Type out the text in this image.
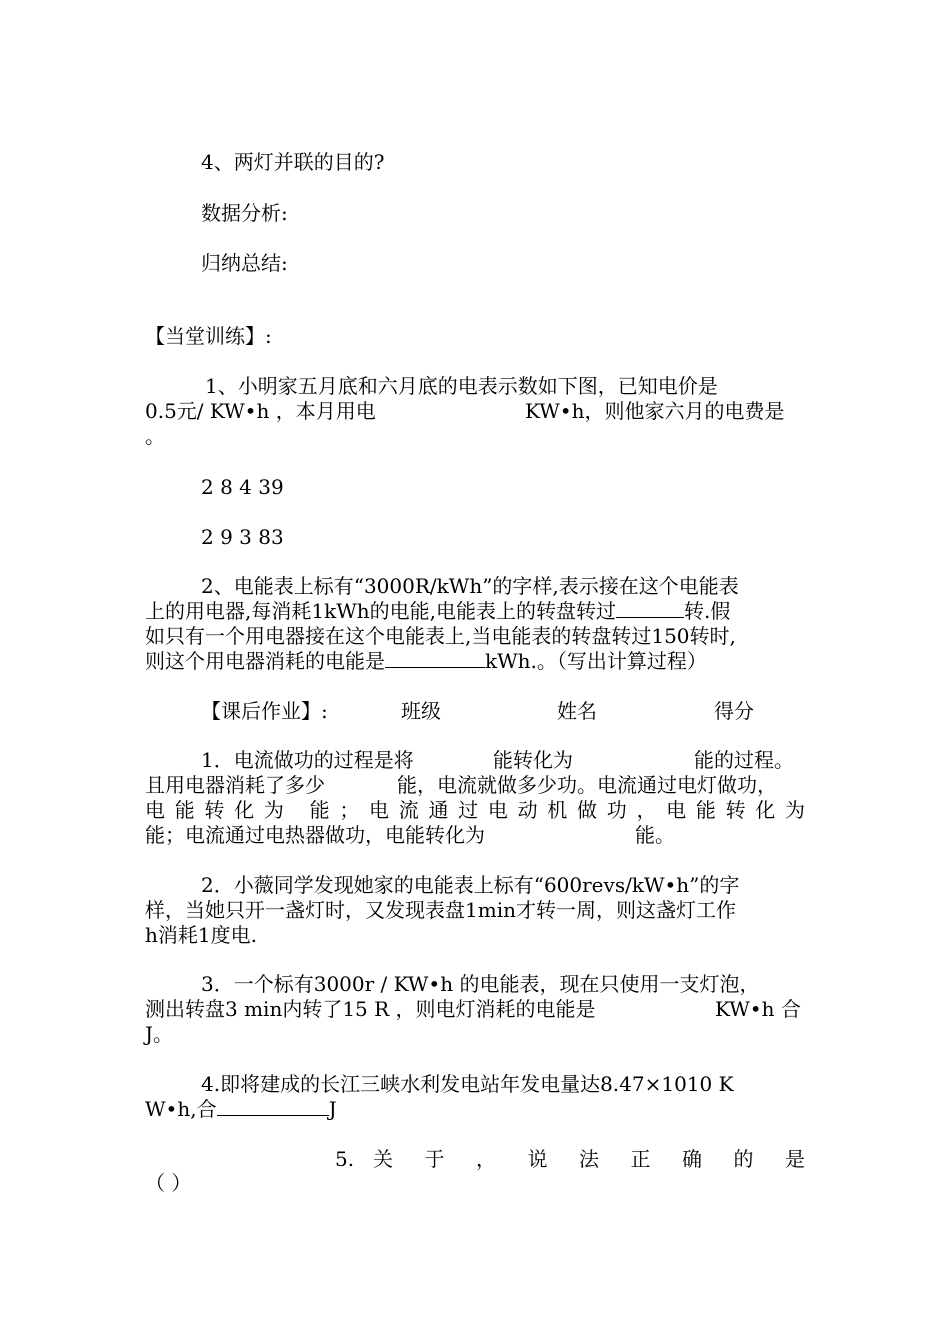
4、两灯并联的目的?
数据分析:
归纳总结:
【当堂训练】:
1、小明家五月底和六月底的电表示数如下图，已知电价是
0.5元/ KW•h ，本月用电	KW•h，则他家六月的电费是
。
2 8 4 39
2 9 3 83
2、电能表上标有“3000R/kWh”的字样,表示接在这个电能表
上的用电器,每消耗1kWh的电能,电能表上的转盘转过	转.假
如只有一个用电器接在这个电能表上,当电能表的转盘转过150转时,
则这个用电器消耗的电能是	kWh.。（写出计算过程）
【课后作业】:	班级	姓名	得分
1．电流做功的过程是将	能转化为	能的过程。
且用电器消耗了多少	能，电流就做多少功。电流通过电灯做功，
电能转化为 能；电流通过电动机做功，电能转化为
能；电流通过电热器做功，电能转化为	能。
2．小薇同学发现她家的电能表上标有“600revs/kW•h”的字
样，当她只开一盏灯时，又发现表盘1min才转一周，则这盏灯工作
h消耗1度电.
3．一个标有3000r / KW•h 的电能表，现在只使用一支灯泡，
测出转盘3 min内转了15 R ，则电灯消耗的电能是	KW•h 合
J。
4.即将建成的长江三峡水利发电站年发电量达8.47×1010 K
W•h,合	J
5. 关 于 ， 说 法 正 确 的 是
（ ）
